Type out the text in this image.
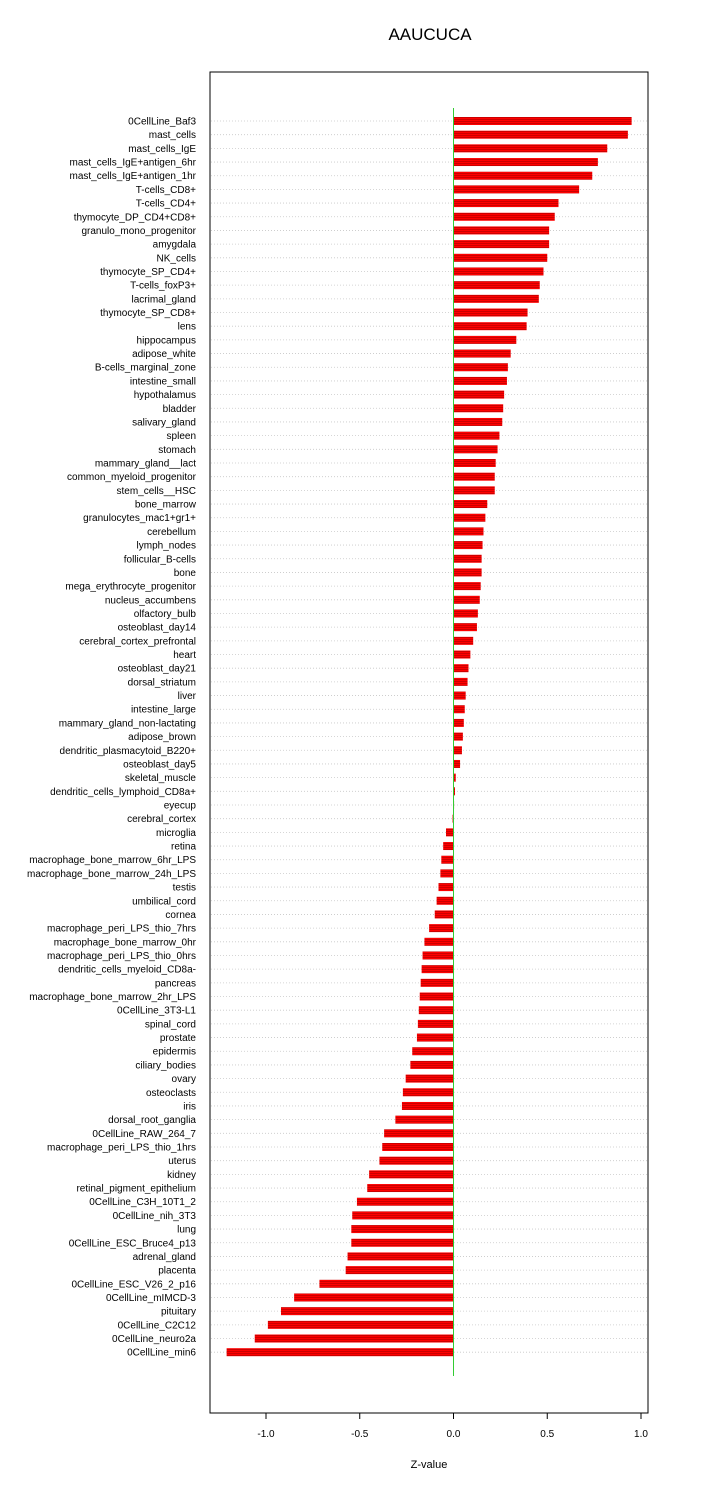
AAUCUCA
0CellLine_Baf3
mast_cells
mast_cells_IgE
mast_cells_IgE+antigen_6hr
mast_cells_IgE+antigen_1hr
T-cells_CD8+
T-cells_CD4+
thymocyte_DP_CD4+CD8+
granulo_mono_progenitor
amygdala
NK_cells
thymocyte_SP_CD4+
T-cells_foxP3+
lacrimal_gland
thymocyte_SP_CD8+
lens
hippocampus
adipose_white
B-cells_marginal_zone
intestine_small
hypothalamus
bladder
salivary_gland
spleen
stomach
mammary_gland__lact
common_myeloid_progenitor
stem_cells__HSC
bone_marrow
granulocytes_mac1+gr1+
cerebellum
lymph_nodes
follicular_B-cells
bone
mega_erythrocyte_progenitor
nucleus_accumbens
olfactory_bulb
osteoblast_day14
cerebral_cortex_prefrontal
heart
osteoblast_day21
dorsal_striatum
liver
intestine_large
mammary_gland_non-lactating
adipose_brown
dendritic_plasmacytoid_B220+
osteoblast_day5
skeletal_muscle
dendritic_cells_lymphoid_CD8a+
eyecup
cerebral_cortex
microglia
retina
macrophage_bone_marrow_6hr_LPS
macrophage_bone_marrow_24h_LPS
testis
umbilical_cord
cornea
macrophage_peri_LPS_thio_7hrs
macrophage_bone_marrow_0hr
macrophage_peri_LPS_thio_0hrs
dendritic_cells_myeloid_CD8a-
pancreas
macrophage_bone_marrow_2hr_LPS
0CellLine_3T3-L1
spinal_cord
prostate
epidermis
ciliary_bodies
ovary
osteoclasts
iris
dorsal_root_ganglia
0CellLine_RAW_264_7
macrophage_peri_LPS_thio_1hrs
uterus
kidney
retinal_pigment_epithelium
0CellLine_C3H_10T1_2
0CellLine_nih_3T3
lung
0CellLine_ESC_Bruce4_p13
adrenal_gland
placenta
0CellLine_ESC_V26_2_p16
0CellLine_mIMCD-3
pituitary
0CellLine_C2C12
0CellLine_neuro2a
0CellLine_min6
-1.0	-0.5	0.0	0.5	1.0
Z-value
